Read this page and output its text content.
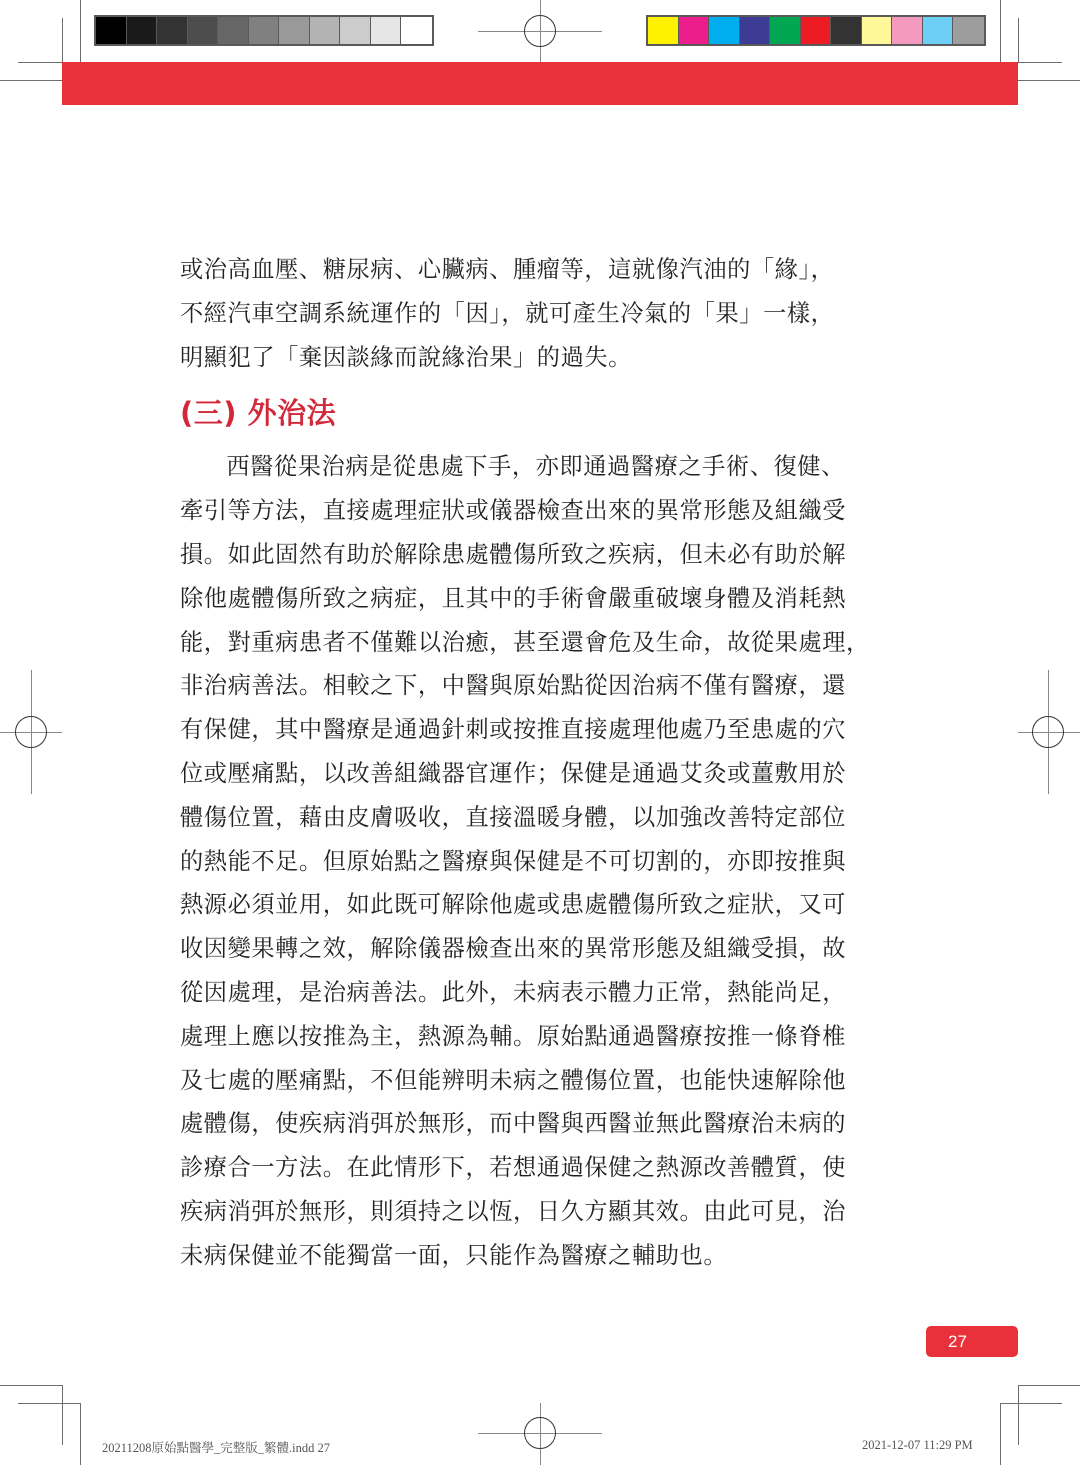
或治高血壓、糖尿病、心臟病、腫瘤等，這就像汽油的「緣」，

不經汽車空調系統運作的「因」，就可產生冷氣的「果」一樣，

明顯犯了「棄因談緣而說緣治果」的過失。

(三) 外治法

西醫從果治病是從患處下手，亦即通過醫療之手術、復健、

牽引等方法，直接處理症狀或儀器檢查出來的異常形態及組織受

損。如此固然有助於解除患處體傷所致之疾病，但未必有助於解

除他處體傷所致之病症，且其中的手術會嚴重破壞身體及消耗熱

能，對重病患者不僅難以治癒，甚至還會危及生命，故從果處理，

非治病善法。相較之下，中醫與原始點從因治病不僅有醫療，還

有保健，其中醫療是通過針刺或按推直接處理他處乃至患處的穴

位或壓痛點，以改善組織器官運作；保健是通過艾灸或薑敷用於

體傷位置，藉由皮膚吸收，直接溫暖身體，以加強改善特定部位

的熱能不足。但原始點之醫療與保健是不可切割的，亦即按推與

熱源必須並用，如此既可解除他處或患處體傷所致之症狀，又可

收因變果轉之效，解除儀器檢查出來的異常形態及組織受損，故

從因處理，是治病善法。此外，未病表示體力正常，熱能尚足，

處理上應以按推為主，熱源為輔。原始點通過醫療按推一條脊椎

及七處的壓痛點，不但能辨明未病之體傷位置，也能快速解除他

處體傷，使疾病消弭於無形，而中醫與西醫並無此醫療治未病的

診療合一方法。在此情形下，若想通過保健之熱源改善體質，使

疾病消弭於無形，則須持之以恆，日久方顯其效。由此可見，治

未病保健並不能獨當一面，只能作為醫療之輔助也。

27
20211208原始點醫學_完整版_繁體.indd 27	2021-12-07 11:29 PM
